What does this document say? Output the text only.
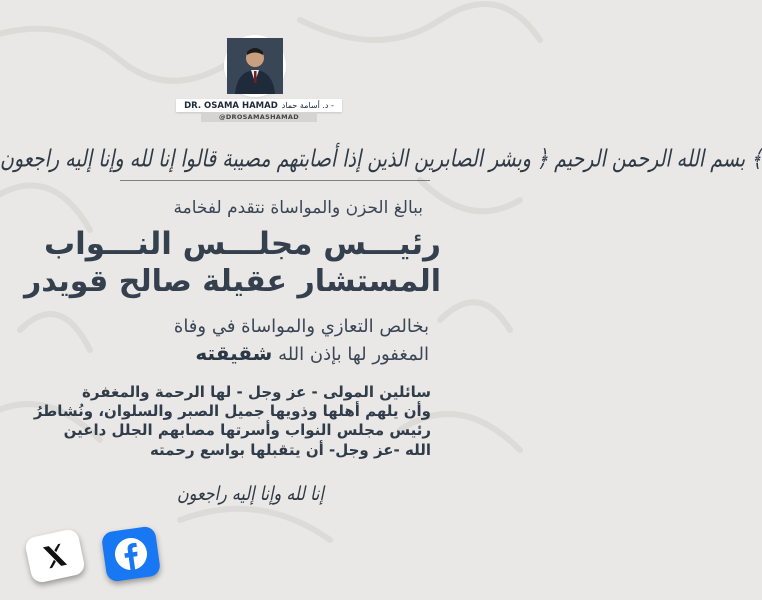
DR. OSAMA HAMAD د. أسامة حماد -
@DROSAMASHAMAD
بسم الله الرحمن الرحيم ﴿ وبشر الصابرين الذين إذا أصابتهم مصيبة قالوا إنا لله وإنا إليه راجعون ﴾
ببالغ الحزن والمواساة نتقدم لفخامة
رئيـــس مجلـــس النـــواب
المستشار عقيلة صالح قويدر
بخالص التعازي والمواساة في وفاة
المغفور لها بإذن الله شقيقته
سائلين المولى - عز وجل - لها الرحمة والمغفرة
وأن يلهم أهلها وذويها جميل الصبر والسلوان، ونُشاطرُ
رئيس مجلس النواب وأسرتها مصابهم الجلل داعين
الله -عز وجل- أن يتقبلها بواسع رحمته
إنا لله وإنا إليه راجعون
